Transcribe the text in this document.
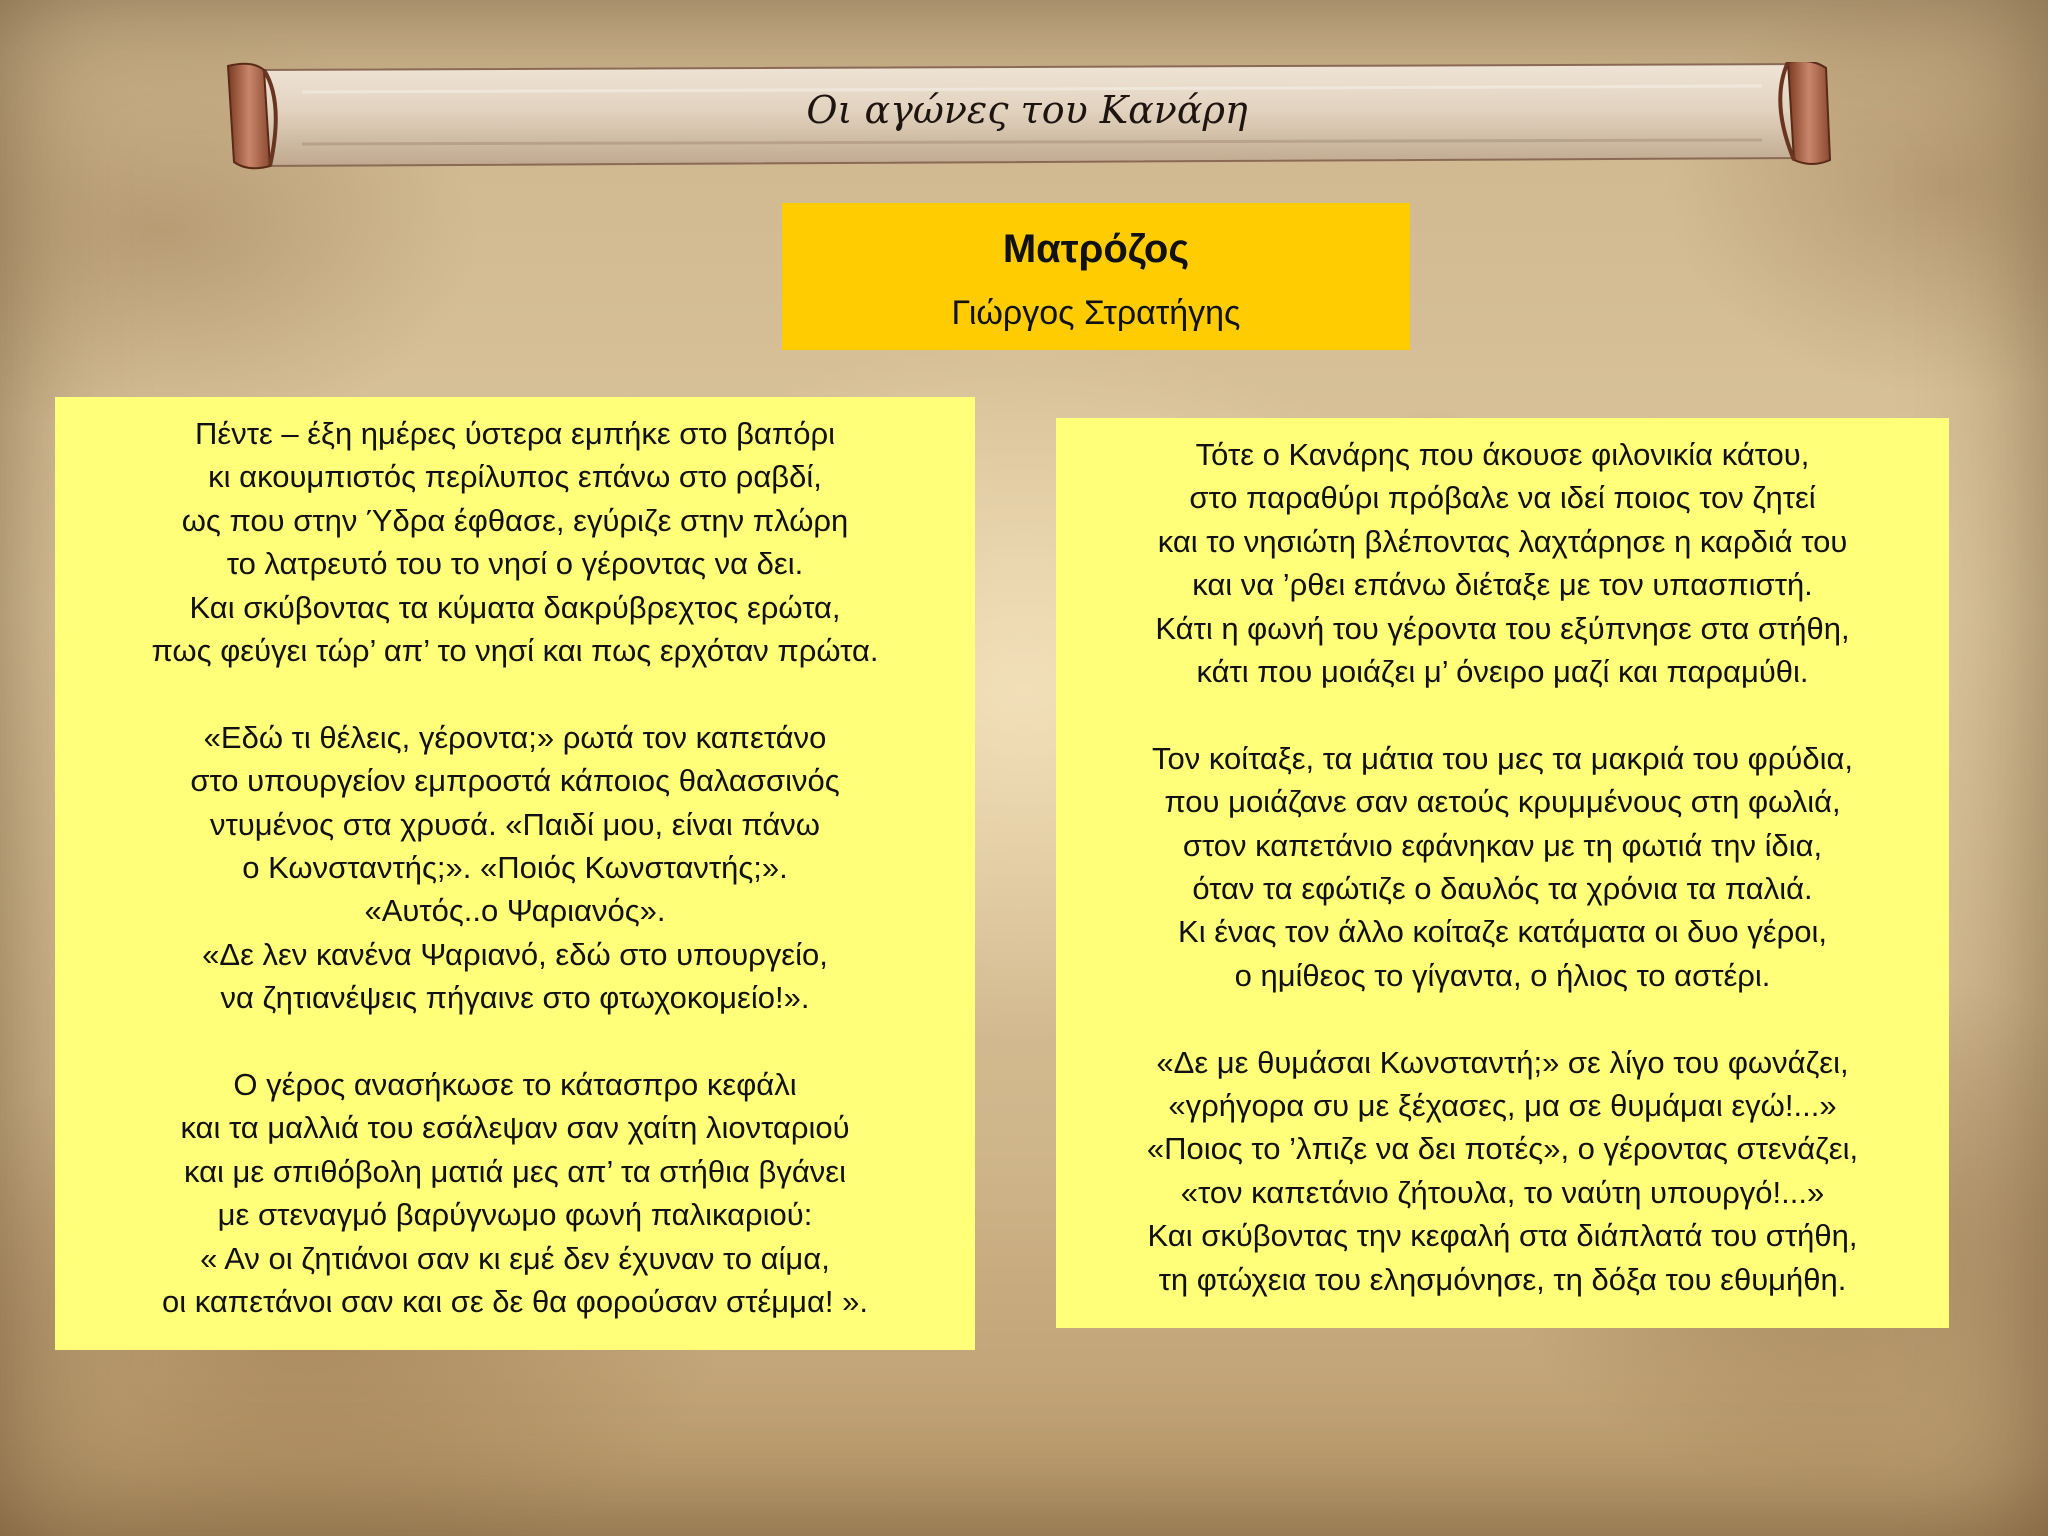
Οι αγώνες του Κανάρη
Ματρόζος
Γιώργος Στρατήγης
Πέντε – έξη ημέρες ύστερα εμπήκε στο βαπόρι
κι ακουμπιστός περίλυπος επάνω στο ραβδί,
ως που στην Ύδρα έφθασε, εγύριζε στην πλώρη
το λατρευτό του το νησί ο γέροντας να δει.
Και σκύβοντας τα κύματα δακρύβρεχτος ερώτα,
πως φεύγει τώρ’ απ’ το νησί και πως ερχόταν πρώτα.
«Εδώ τι θέλεις, γέροντα;» ρωτά τον καπετάνο
στο υπουργείον εμπροστά κάποιος θαλασσινός
ντυμένος στα χρυσά. «Παιδί μου, είναι πάνω
ο Κωνσταντής;». «Ποιός Κωνσταντής;».
«Αυτός..ο Ψαριανός».
«Δε λεν κανένα Ψαριανό, εδώ στο υπουργείο,
να ζητιανέψεις πήγαινε στο φτωχοκομείο!».
Ο γέρος ανασήκωσε το κάτασπρο κεφάλι
και τα μαλλιά του εσάλεψαν σαν χαίτη λιονταριού
και με σπιθόβολη ματιά μες απ’ τα στήθια βγάνει
με στεναγμό βαρύγνωμο φωνή παλικαριού:
« Αν οι ζητιάνοι σαν κι εμέ δεν έχυναν το αίμα,
οι καπετάνοι σαν και σε δε θα φορούσαν στέμμα! ».
Τότε ο Κανάρης που άκουσε φιλονικία κάτου,
στο παραθύρι πρόβαλε να ιδεί ποιος τον ζητεί
και το νησιώτη βλέποντας λαχτάρησε η καρδιά του
και να ’ρθει επάνω διέταξε με τον υπασπιστή.
Κάτι η φωνή του γέροντα του εξύπνησε στα στήθη,
κάτι που μοιάζει μ’ όνειρο μαζί και παραμύθι.
Τον κοίταξε, τα μάτια του μες τα μακριά του φρύδια,
που μοιάζανε σαν αετούς κρυμμένους στη φωλιά,
στον καπετάνιο εφάνηκαν με τη φωτιά την ίδια,
όταν τα εφώτιζε ο δαυλός τα χρόνια τα παλιά.
Κι ένας τον άλλο κοίταζε κατάματα οι δυο γέροι,
ο ημίθεος το γίγαντα, ο ήλιος το αστέρι.
«Δε με θυμάσαι Κωνσταντή;» σε λίγο του φωνάζει,
«γρήγορα συ με ξέχασες, μα σε θυμάμαι εγώ!...»
«Ποιος το ’λπιζε να δει ποτές», ο γέροντας στενάζει,
«τον καπετάνιο ζήτουλα, το ναύτη υπουργό!...»
Και σκύβοντας την κεφαλή στα διάπλατά του στήθη,
τη φτώχεια του ελησμόνησε, τη δόξα του εθυμήθη.
